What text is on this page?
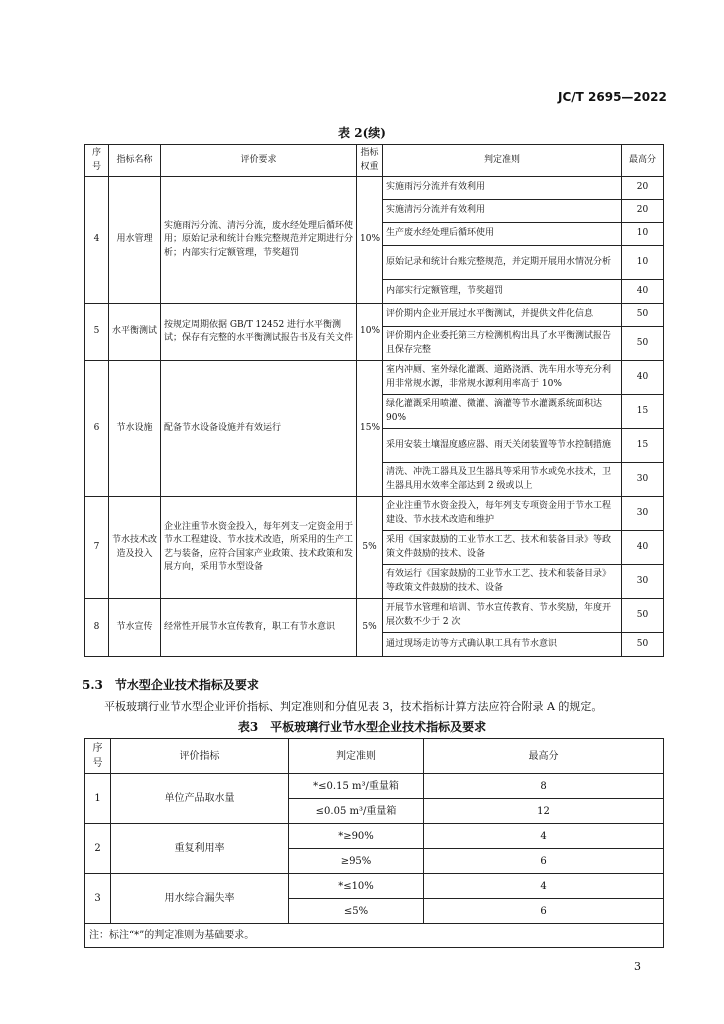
JC/T 2695—2022
表 2(续)
序号	指标名称	评价要求	指标权重	判定准则	最高分
4	用水管理	实施雨污分流、清污分流，废水经处理后循环使用；原始记录和统计台账完整规范并定期进行分析；内部实行定额管理，节奖超罚	10%	实施雨污分流并有效利用	20
				实施清污分流并有效利用	20
				生产废水经处理后循环使用	10
				原始记录和统计台账完整规范，并定期开展用水情况分析	10
				内部实行定额管理，节奖超罚	40
5	水平衡测试	按规定周期依据 GB/T 12452 进行水平衡测试；保存有完整的水平衡测试报告书及有关文件	10%	评价期内企业开展过水平衡测试，并提供文件化信息	50
				评价期内企业委托第三方检测机构出具了水平衡测试报告且保存完整	50
6	节水设施	配备节水设备设施并有效运行	15%	室内冲厕、室外绿化灌溉、道路浇洒、洗车用水等充分利用非常规水源，非常规水源利用率高于 10%	40
				绿化灌溉采用喷灌、微灌、滴灌等节水灌溉系统面积达 90%	15
				采用安装土壤湿度感应器、雨天关闭装置等节水控制措施	15
				清洗、冲洗工器具及卫生器具等采用节水或免水技术，卫生器具用水效率全部达到 2 级或以上	30
7	节水技术改造及投入	企业注重节水资金投入，每年列支一定资金用于节水工程建设、节水技术改造，所采用的生产工艺与装备，应符合国家产业政策、技术政策和发展方向，采用节水型设备	5%	企业注重节水资金投入，每年列支专项资金用于节水工程建设、节水技术改造和维护	30
				采用《国家鼓励的工业节水工艺、技术和装备目录》等政策文件鼓励的技术、设备	40
				有效运行《国家鼓励的工业节水工艺、技术和装备目录》等政策文件鼓励的技术、设备	30
8	节水宣传	经常性开展节水宣传教育，职工有节水意识	5%	开展节水管理和培训、节水宣传教育、节水奖励，年度开展次数不少于 2 次	50
				通过现场走访等方式确认职工具有节水意识	50
5.3　节水型企业技术指标及要求
平板玻璃行业节水型企业评价指标、判定准则和分值见表 3，技术指标计算方法应符合附录 A 的规定。
表3　平板玻璃行业节水型企业技术指标及要求
序号	评价指标	判定准则	最高分
1	单位产品取水量	*≤0.15 m³/重量箱	8
		≤0.05 m³/重量箱	12
2	重复利用率	*≥90%	4
		≥95%	6
3	用水综合漏失率	*≤10%	4
		≤5%	6
注：标注“*”的判定准则为基础要求。			
3
